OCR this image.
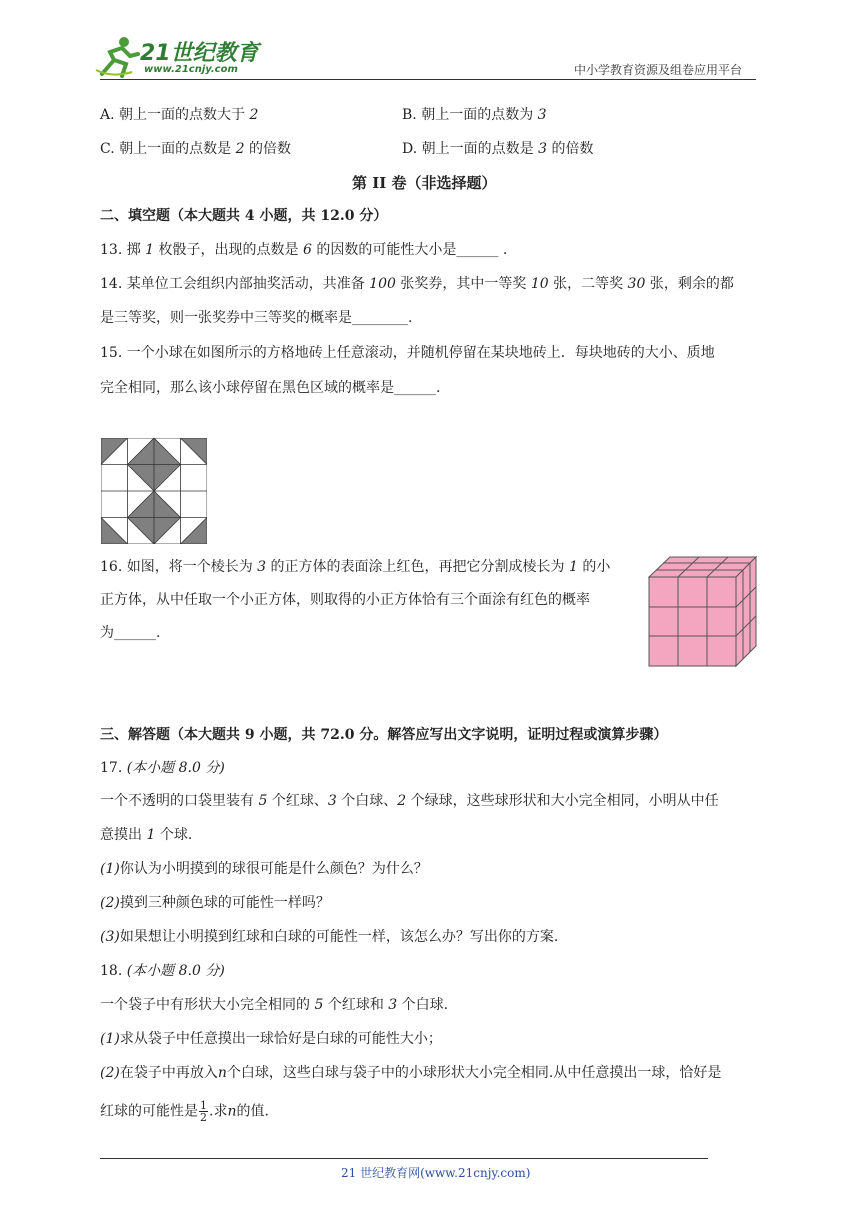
21世纪教育
www.21cnjy.com	中小学教育资源及组卷应用平台
A. 朝上一面的点数大于 2	B. 朝上一面的点数为 3
C. 朝上一面的点数是 2 的倍数	D. 朝上一面的点数是 3 的倍数
第 II 卷（非选择题）
二、填空题（本大题共 4 小题，共 12.0 分）
13. 掷 1 枚骰子，出现的点数是 6 的因数的可能性大小是______ .
14. 某单位工会组织内部抽奖活动，共准备 100 张奖券，其中一等奖 10 张，二等奖 30 张，剩余的都
是三等奖，则一张奖券中三等奖的概率是________.
15. 一个小球在如图所示的方格地砖上任意滚动，并随机停留在某块地砖上．每块地砖的大小、质地
完全相同，那么该小球停留在黑色区域的概率是______.
16. 如图，将一个棱长为 3 的正方体的表面涂上红色，再把它分割成棱长为 1 的小
正方体，从中任取一个小正方体，则取得的小正方体恰有三个面涂有红色的概率
为______.
三、解答题（本大题共 9 小题，共 72.0 分。解答应写出文字说明，证明过程或演算步骤）
17. (本小题 8.0 分)
一个不透明的口袋里装有 5 个红球、3 个白球、2 个绿球，这些球形状和大小完全相同，小明从中任
意摸出 1 个球.
(1)你认为小明摸到的球很可能是什么颜色？为什么？
(2)摸到三种颜色球的可能性一样吗？
(3)如果想让小明摸到红球和白球的可能性一样，该怎么办？写出你的方案.
18. (本小题 8.0 分)
一个袋子中有形状大小完全相同的 5 个红球和 3 个白球.
(1)求从袋子中任意摸出一球恰好是白球的可能性大小；
(2)在袋子中再放入n个白球，这些白球与袋子中的小球形状大小完全相同.从中任意摸出一球，恰好是
红球的可能性是 $\frac{1}{2}$ .求n的值.
21 世纪教育网(www.21cnjy.com)
